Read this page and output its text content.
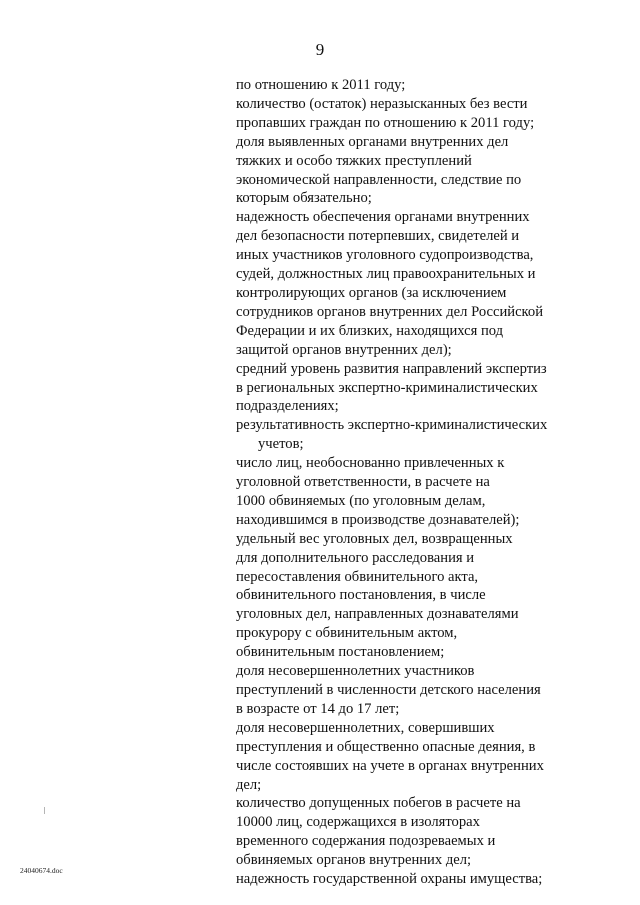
9
по отношению к 2011 году;
количество (остаток) неразысканных без вести
пропавших граждан по отношению к 2011 году;
доля выявленных органами внутренних дел
тяжких и особо тяжких преступлений
экономической направленности, следствие по
которым обязательно;
надежность обеспечения органами внутренних
дел безопасности потерпевших, свидетелей и
иных участников уголовного судопроизводства,
судей, должностных лиц правоохранительных и
контролирующих органов (за исключением
сотрудников органов внутренних дел Российской
Федерации и их близких, находящихся под
защитой органов внутренних дел);
средний уровень развития направлений экспертиз
в региональных экспертно-криминалистических
подразделениях;
результативность экспертно-криминалистических
учетов;
число лиц, необоснованно привлеченных к
уголовной ответственности, в расчете на
1000 обвиняемых (по уголовным делам,
находившимся в производстве дознавателей);
удельный вес уголовных дел, возвращенных
для дополнительного расследования и
пересоставления обвинительного акта,
обвинительного постановления, в числе
уголовных дел, направленных дознавателями
прокурору с обвинительным актом,
обвинительным постановлением;
доля несовершеннолетних участников
преступлений в численности детского населения
в возрасте от 14 до 17 лет;
доля несовершеннолетних, совершивших
преступления и общественно опасные деяния, в
числе состоявших на учете в органах внутренних
дел;
количество допущенных побегов в расчете на
10000 лиц, содержащихся в изоляторах
временного содержания подозреваемых и
обвиняемых органов внутренних дел;
надежность государственной охраны имущества;
24040674.doc
